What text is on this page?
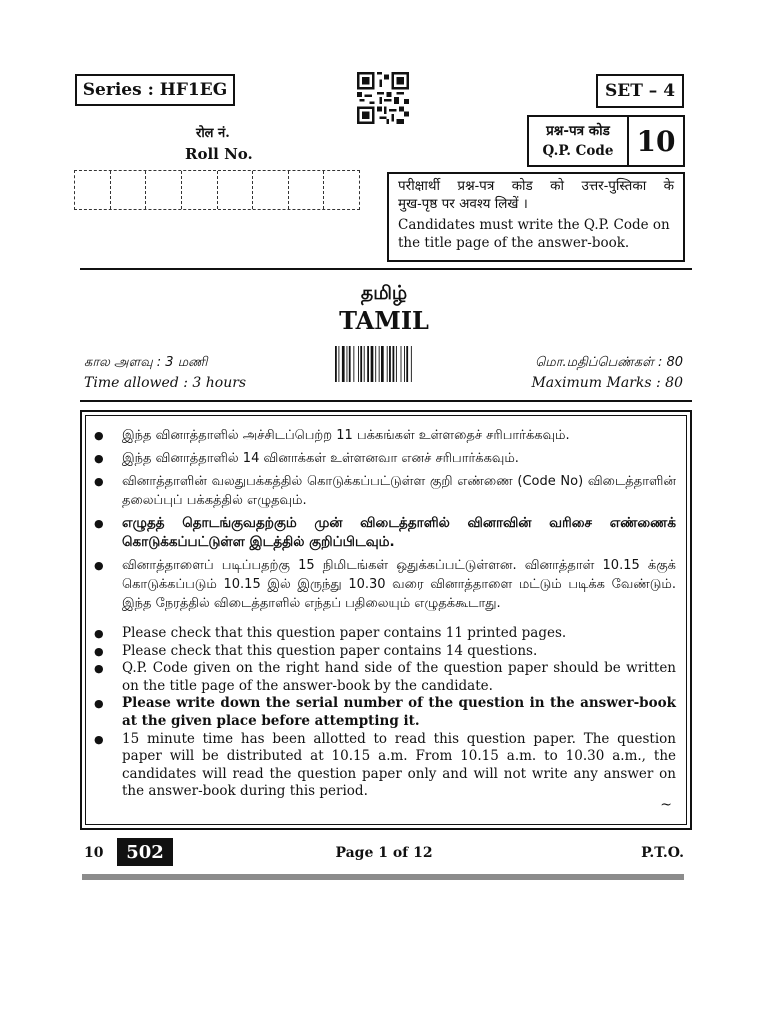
Series : HF1EG	SET – 4
रोल नं.
Roll No.
प्रश्न-पत्र कोड
Q.P. Code 10
परीक्षार्थी प्रश्न-पत्र कोड को उत्तर-पुस्तिका के
मुख-पृष्ठ पर अवश्य लिखें ।
Candidates must write the Q.P. Code on the title page of the answer-book.
தமிழ்
TAMIL
கால அளவு : 3 மணி
Time allowed : 3 hours
மொ.மதிப்பெண்கள் : 80
Maximum Marks : 80
● இந்த வினாத்தாளில் அச்சிடப்பெற்ற 11 பக்கங்கள் உள்ளதைச் சரிபார்க்கவும்.
● இந்த வினாத்தாளில் 14 வினாக்கள் உள்ளனவா எனச் சரிபார்க்கவும்.
● வினாத்தாளின் வலதுபக்கத்தில் கொடுக்கப்பட்டுள்ள குறி எண்ணை (Code No) விடைத்தாளின் தலைப்புப் பக்கத்தில் எழுதவும்.
● எழுதத் தொடங்குவதற்கும் முன் விடைத்தாளில் வினாவின் வரிசை எண்ணைக் கொடுக்கப்பட்டுள்ள இடத்தில் குறிப்பிடவும்.
● வினாத்தாளைப் படிப்பதற்கு 15 நிமிடங்கள் ஒதுக்கப்பட்டுள்ளன. வினாத்தாள் 10.15 க்குக் கொடுக்கப்படும் 10.15 இல் இருந்து 10.30 வரை வினாத்தாளை மட்டும் படிக்க வேண்டும். இந்த நேரத்தில் விடைத்தாளில் எந்தப் பதிலையும் எழுதக்கூடாது.
● Please check that this question paper contains 11 printed pages.
● Please check that this question paper contains 14 questions.
● Q.P. Code given on the right hand side of the question paper should be written on the title page of the answer-book by the candidate.
● Please write down the serial number of the question in the answer-book at the given place before attempting it.
● 15 minute time has been allotted to read this question paper. The question paper will be distributed at 10.15 a.m. From 10.15 a.m. to 10.30 a.m., the candidates will read the question paper only and will not write any answer on the answer-book during this period.
~
10	502	Page 1 of 12	P.T.O.
